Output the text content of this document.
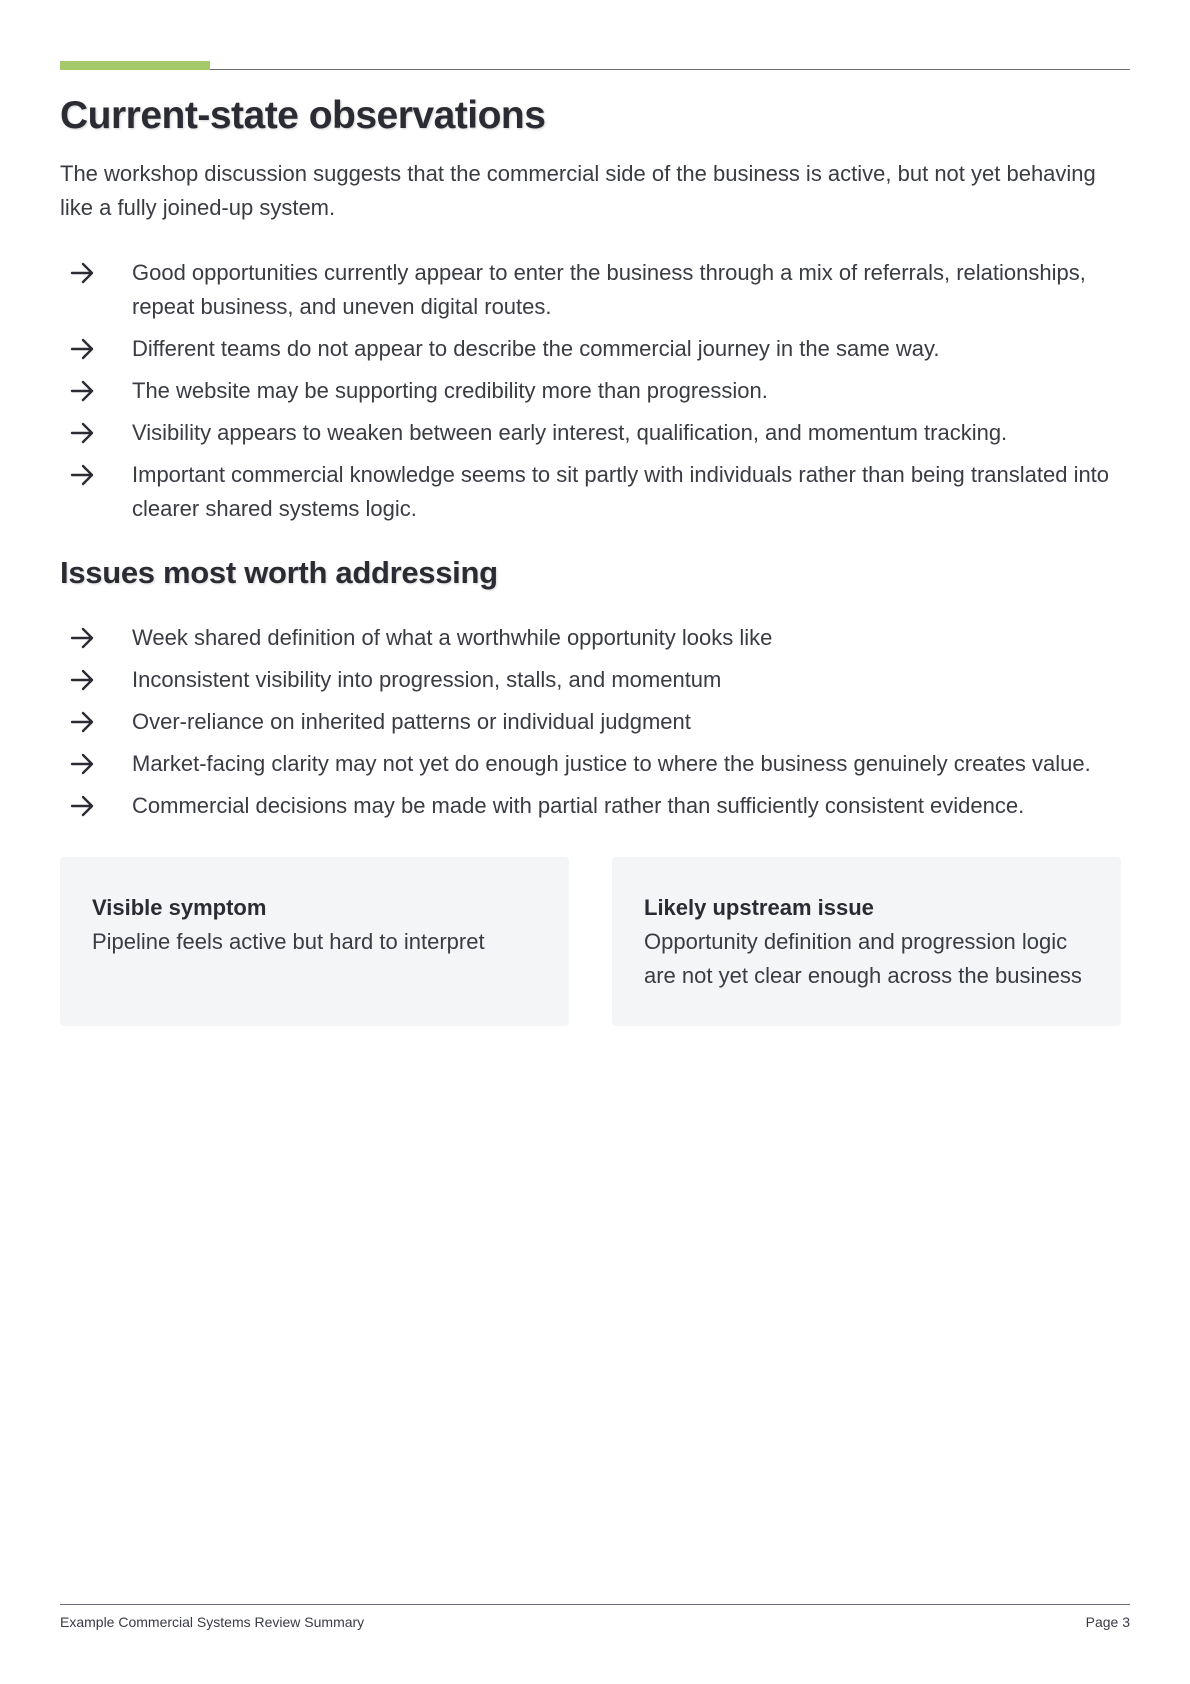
Current-state observations

The workshop discussion suggests that the commercial side of the business is active, but not yet behaving like a fully joined-up system.

Good opportunities currently appear to enter the business through a mix of referrals, relationships, repeat business, and uneven digital routes.
Different teams do not appear to describe the commercial journey in the same way.
The website may be supporting credibility more than progression.
Visibility appears to weaken between early interest, qualification, and momentum tracking.
Important commercial knowledge seems to sit partly with individuals rather than being translated into clearer shared systems logic.
Issues most worth addressing
Week shared definition of what a worthwhile opportunity looks like
Inconsistent visibility into progression, stalls, and momentum
Over-reliance on inherited patterns or individual judgment
Market-facing clarity may not yet do enough justice to where the business genuinely creates value.
Commercial decisions may be made with partial rather than sufficiently consistent evidence.
Visible symptom
Pipeline feels active but hard to interpret
Likely upstream issue
Opportunity definition and progression logic are not yet clear enough across the business
Example Commercial Systems Review Summary	Page 3
